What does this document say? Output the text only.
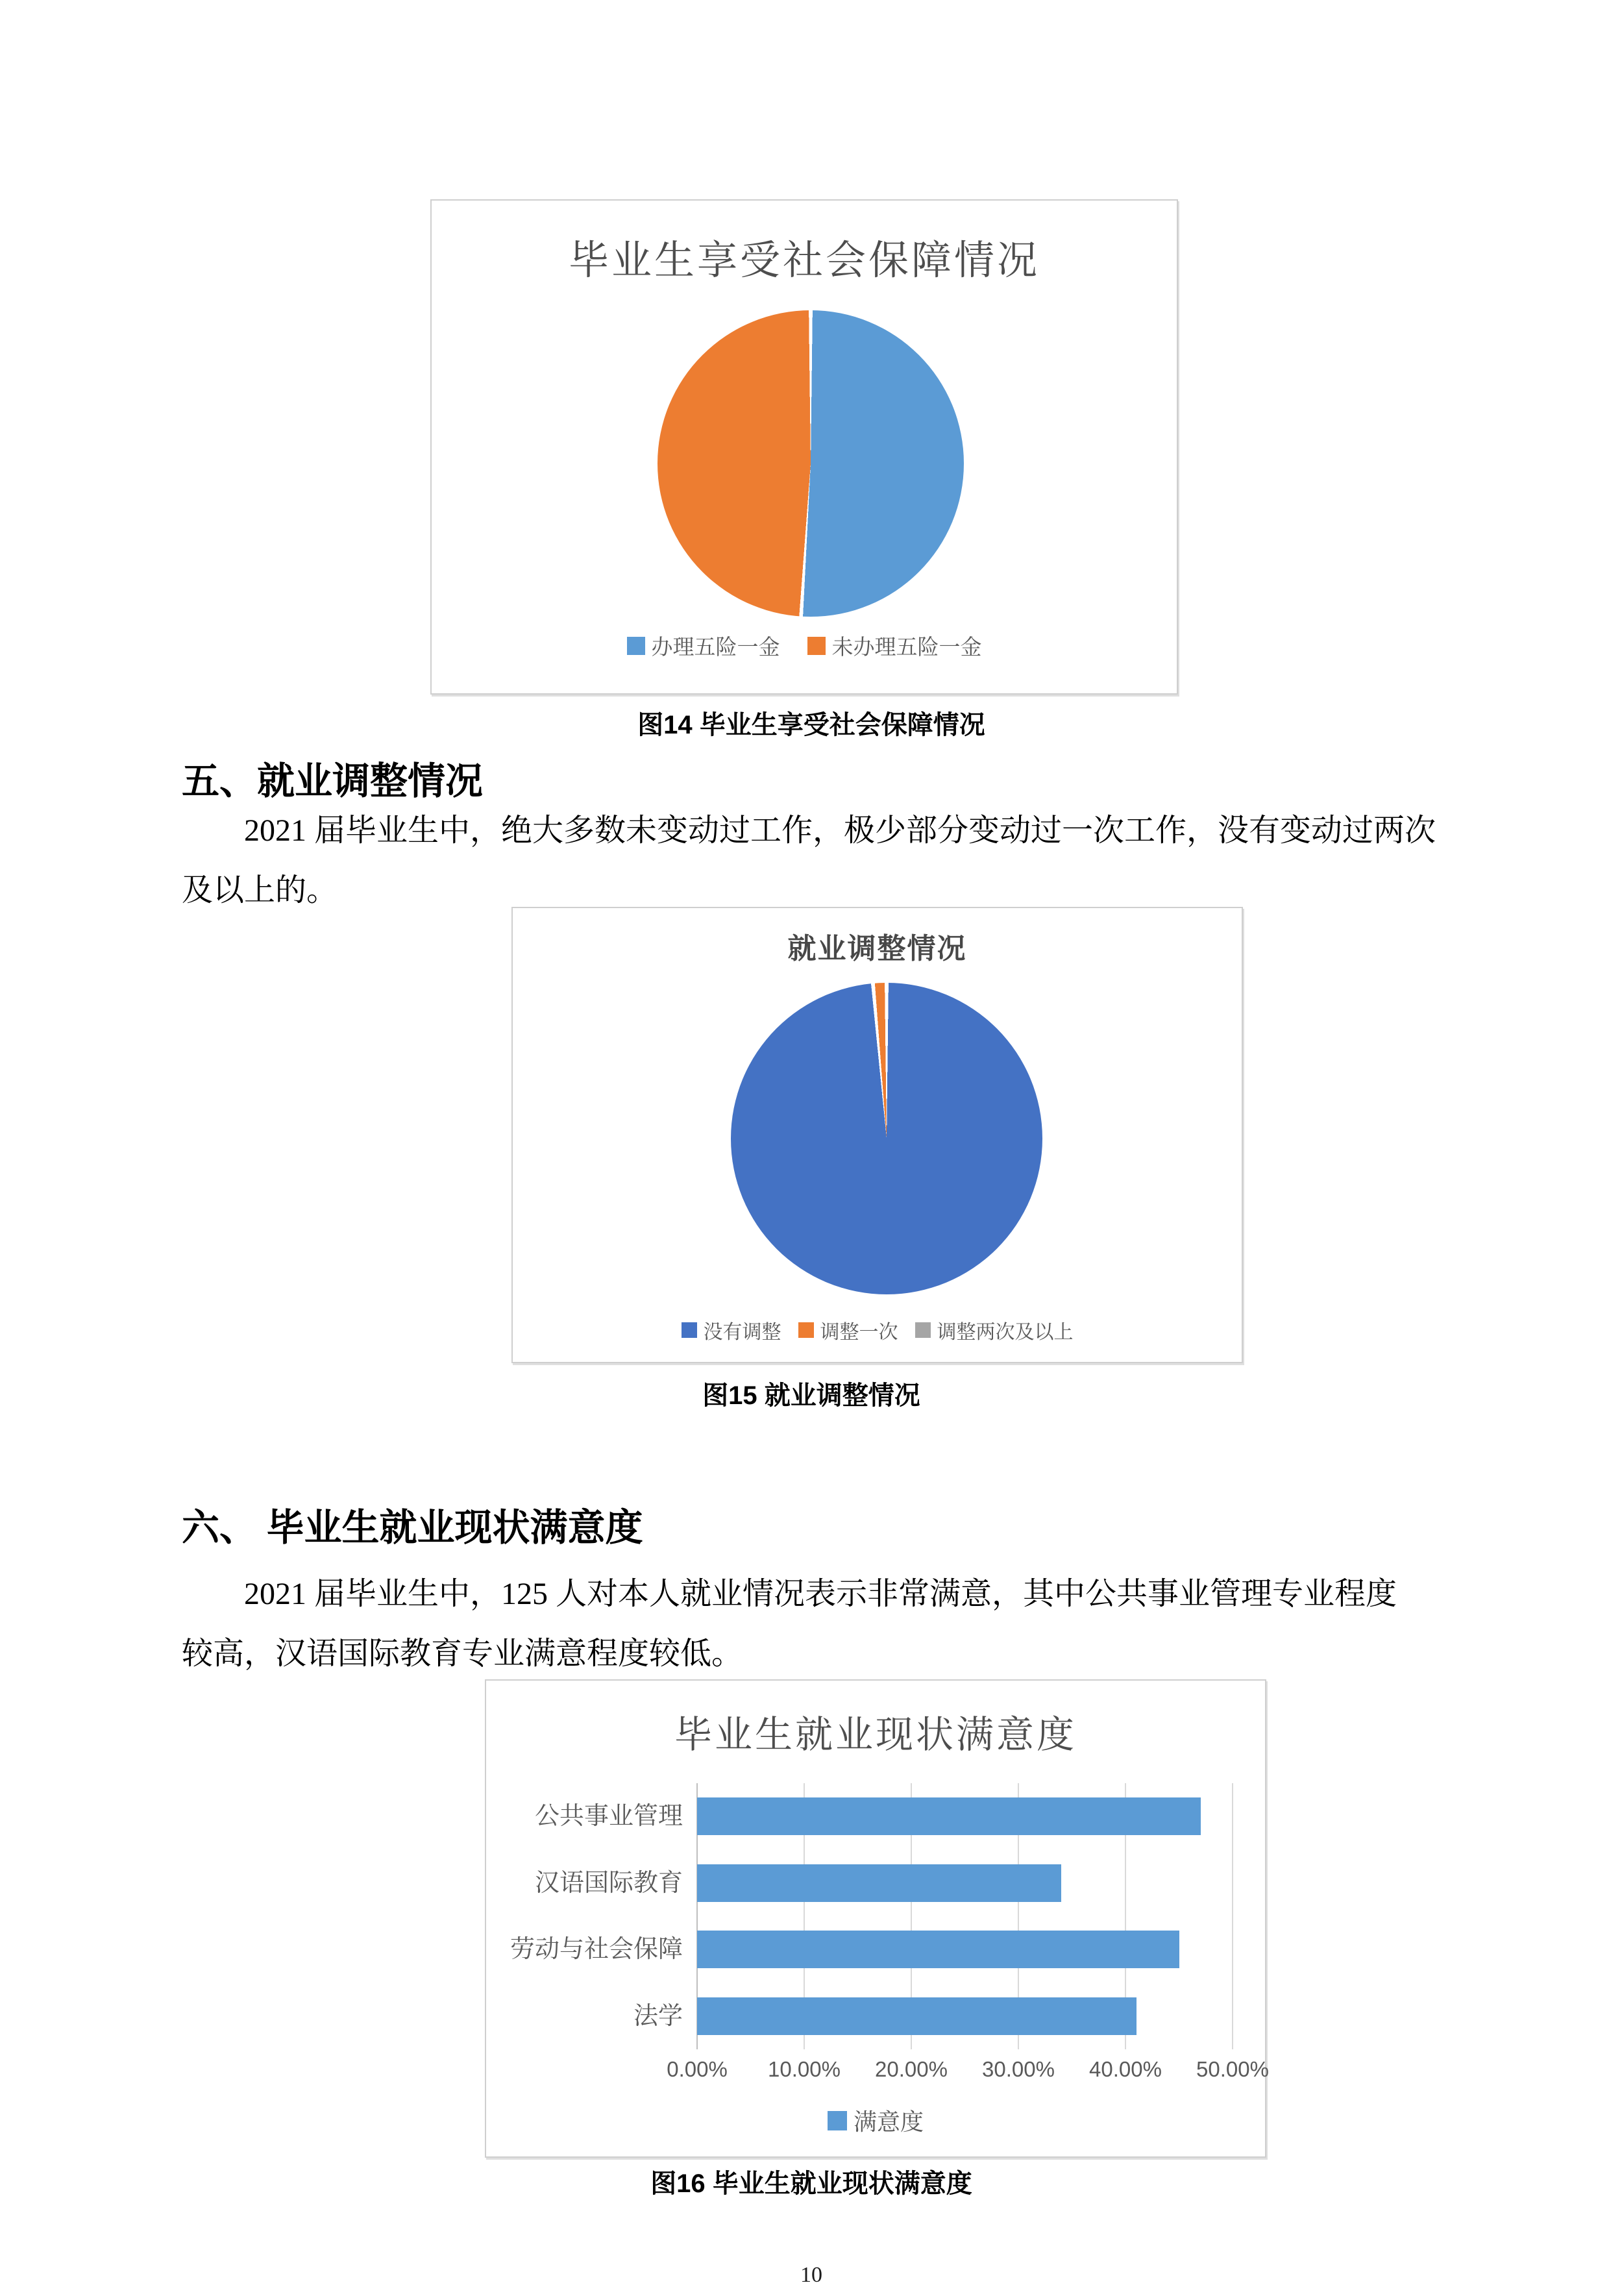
毕业生享受社会保障情况
办理五险一金 未办理五险一金
图14 毕业生享受社会保障情况
五、就业调整情况
2021 届毕业生中，绝大多数未变动过工作，极少部分变动过一次工作，没有变动过两次
及以上的。
就业调整情况
没有调整 调整一次 调整两次及以上
图15 就业调整情况
六、 毕业生就业现状满意度
2021 届毕业生中，125 人对本人就业情况表示非常满意，其中公共事业管理专业程度
较高，汉语国际教育专业满意程度较低。
毕业生就业现状满意度
公共事业管理
汉语国际教育
劳动与社会保障
法学
0.00% 10.00% 20.00% 30.00% 40.00% 50.00%
满意度
图16 毕业生就业现状满意度
10
